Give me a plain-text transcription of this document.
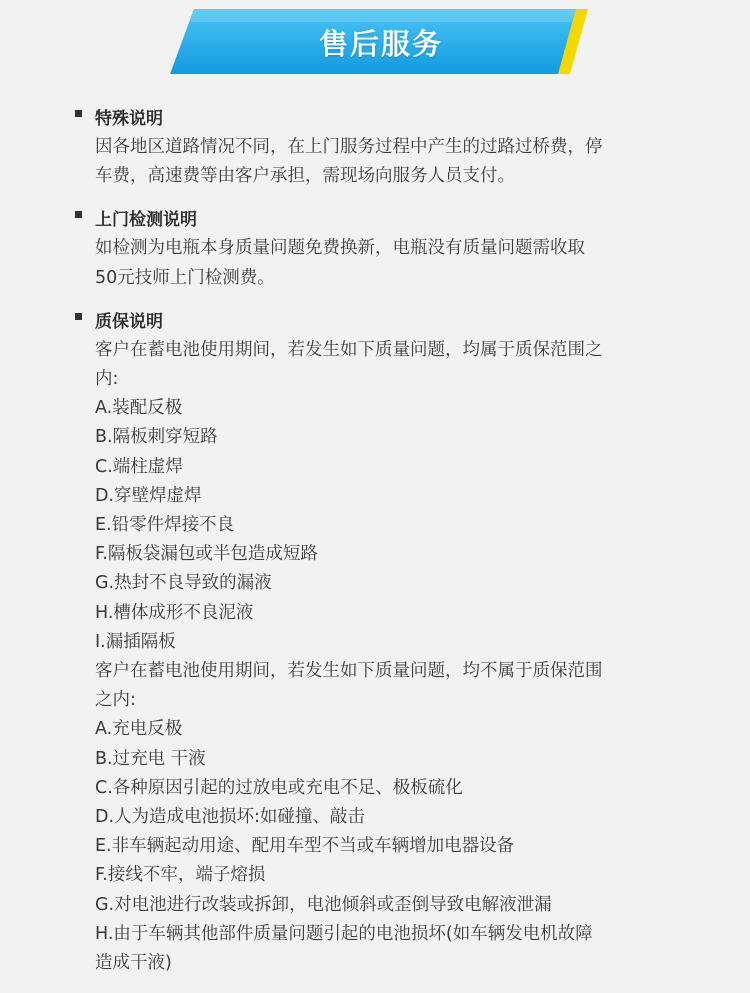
售后服务
特殊说明
因各地区道路情况不同，在上门服务过程中产生的过路过桥费，停
车费，高速费等由客户承担，需现场向服务人员支付。
上门检测说明
如检测为电瓶本身质量问题免费换新，电瓶没有质量问题需收取
50元技师上门检测费。
质保说明
客户在蓄电池使用期间，若发生如下质量问题，均属于质保范围之
内:
A.装配反极
B.隔板刺穿短路
C.端柱虚焊
D.穿壁焊虚焊
E.铅零件焊接不良
F.隔板袋漏包或半包造成短路
G.热封不良导致的漏液
H.槽体成形不良泥液
I.漏插隔板
客户在蓄电池使用期间，若发生如下质量问题，均不属于质保范围
之内:
A.充电反极
B.过充电 干液
C.各种原因引起的过放电或充电不足、极板硫化
D.人为造成电池损坏:如碰撞、敲击
E.非车辆起动用途、配用车型不当或车辆增加电器设备
F.接线不牢，端子熔损
G.对电池进行改装或拆卸，电池倾斜或歪倒导致电解液泄漏
H.由于车辆其他部件质量问题引起的电池损坏(如车辆发电机故障
造成干液)
